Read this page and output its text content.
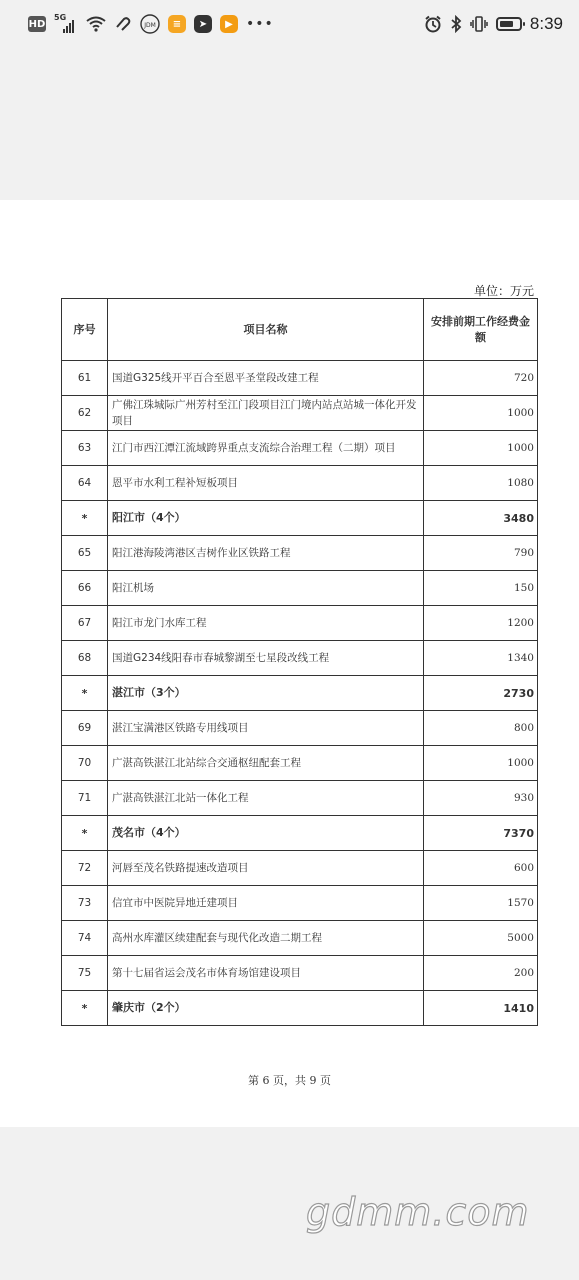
HD
5G
JDM	≡	➤	▶ •••	8:39
单位：万元
序号	项目名称	安排前期工作经费金额
61	国道G325线开平百合至恩平圣堂段改建工程	720
62	广佛江珠城际广州芳村至江门段项目江门境内站点站城一体化开发项目	1000
63	江门市西江潭江流域跨界重点支流综合治理工程（二期）项目	1000
64	恩平市水利工程补短板项目	1080
*	阳江市（4个）	3480
65	阳江港海陵湾港区吉树作业区铁路工程	790
66	阳江机场	150
67	阳江市龙门水库工程	1200
68	国道G234线阳春市春城黎湖至七星段改线工程	1340
*	湛江市（3个）	2730
69	湛江宝满港区铁路专用线项目	800
70	广湛高铁湛江北站综合交通枢纽配套工程	1000
71	广湛高铁湛江北站一体化工程	930
*	茂名市（4个）	7370
72	河唇至茂名铁路提速改造项目	600
73	信宜市中医院异地迁建项目	1570
74	高州水库灌区续建配套与现代化改造二期工程	5000
75	第十七届省运会茂名市体育场馆建设项目	200
*	肇庆市（2个）	1410
第 6 页，共 9 页
gdmm.com
